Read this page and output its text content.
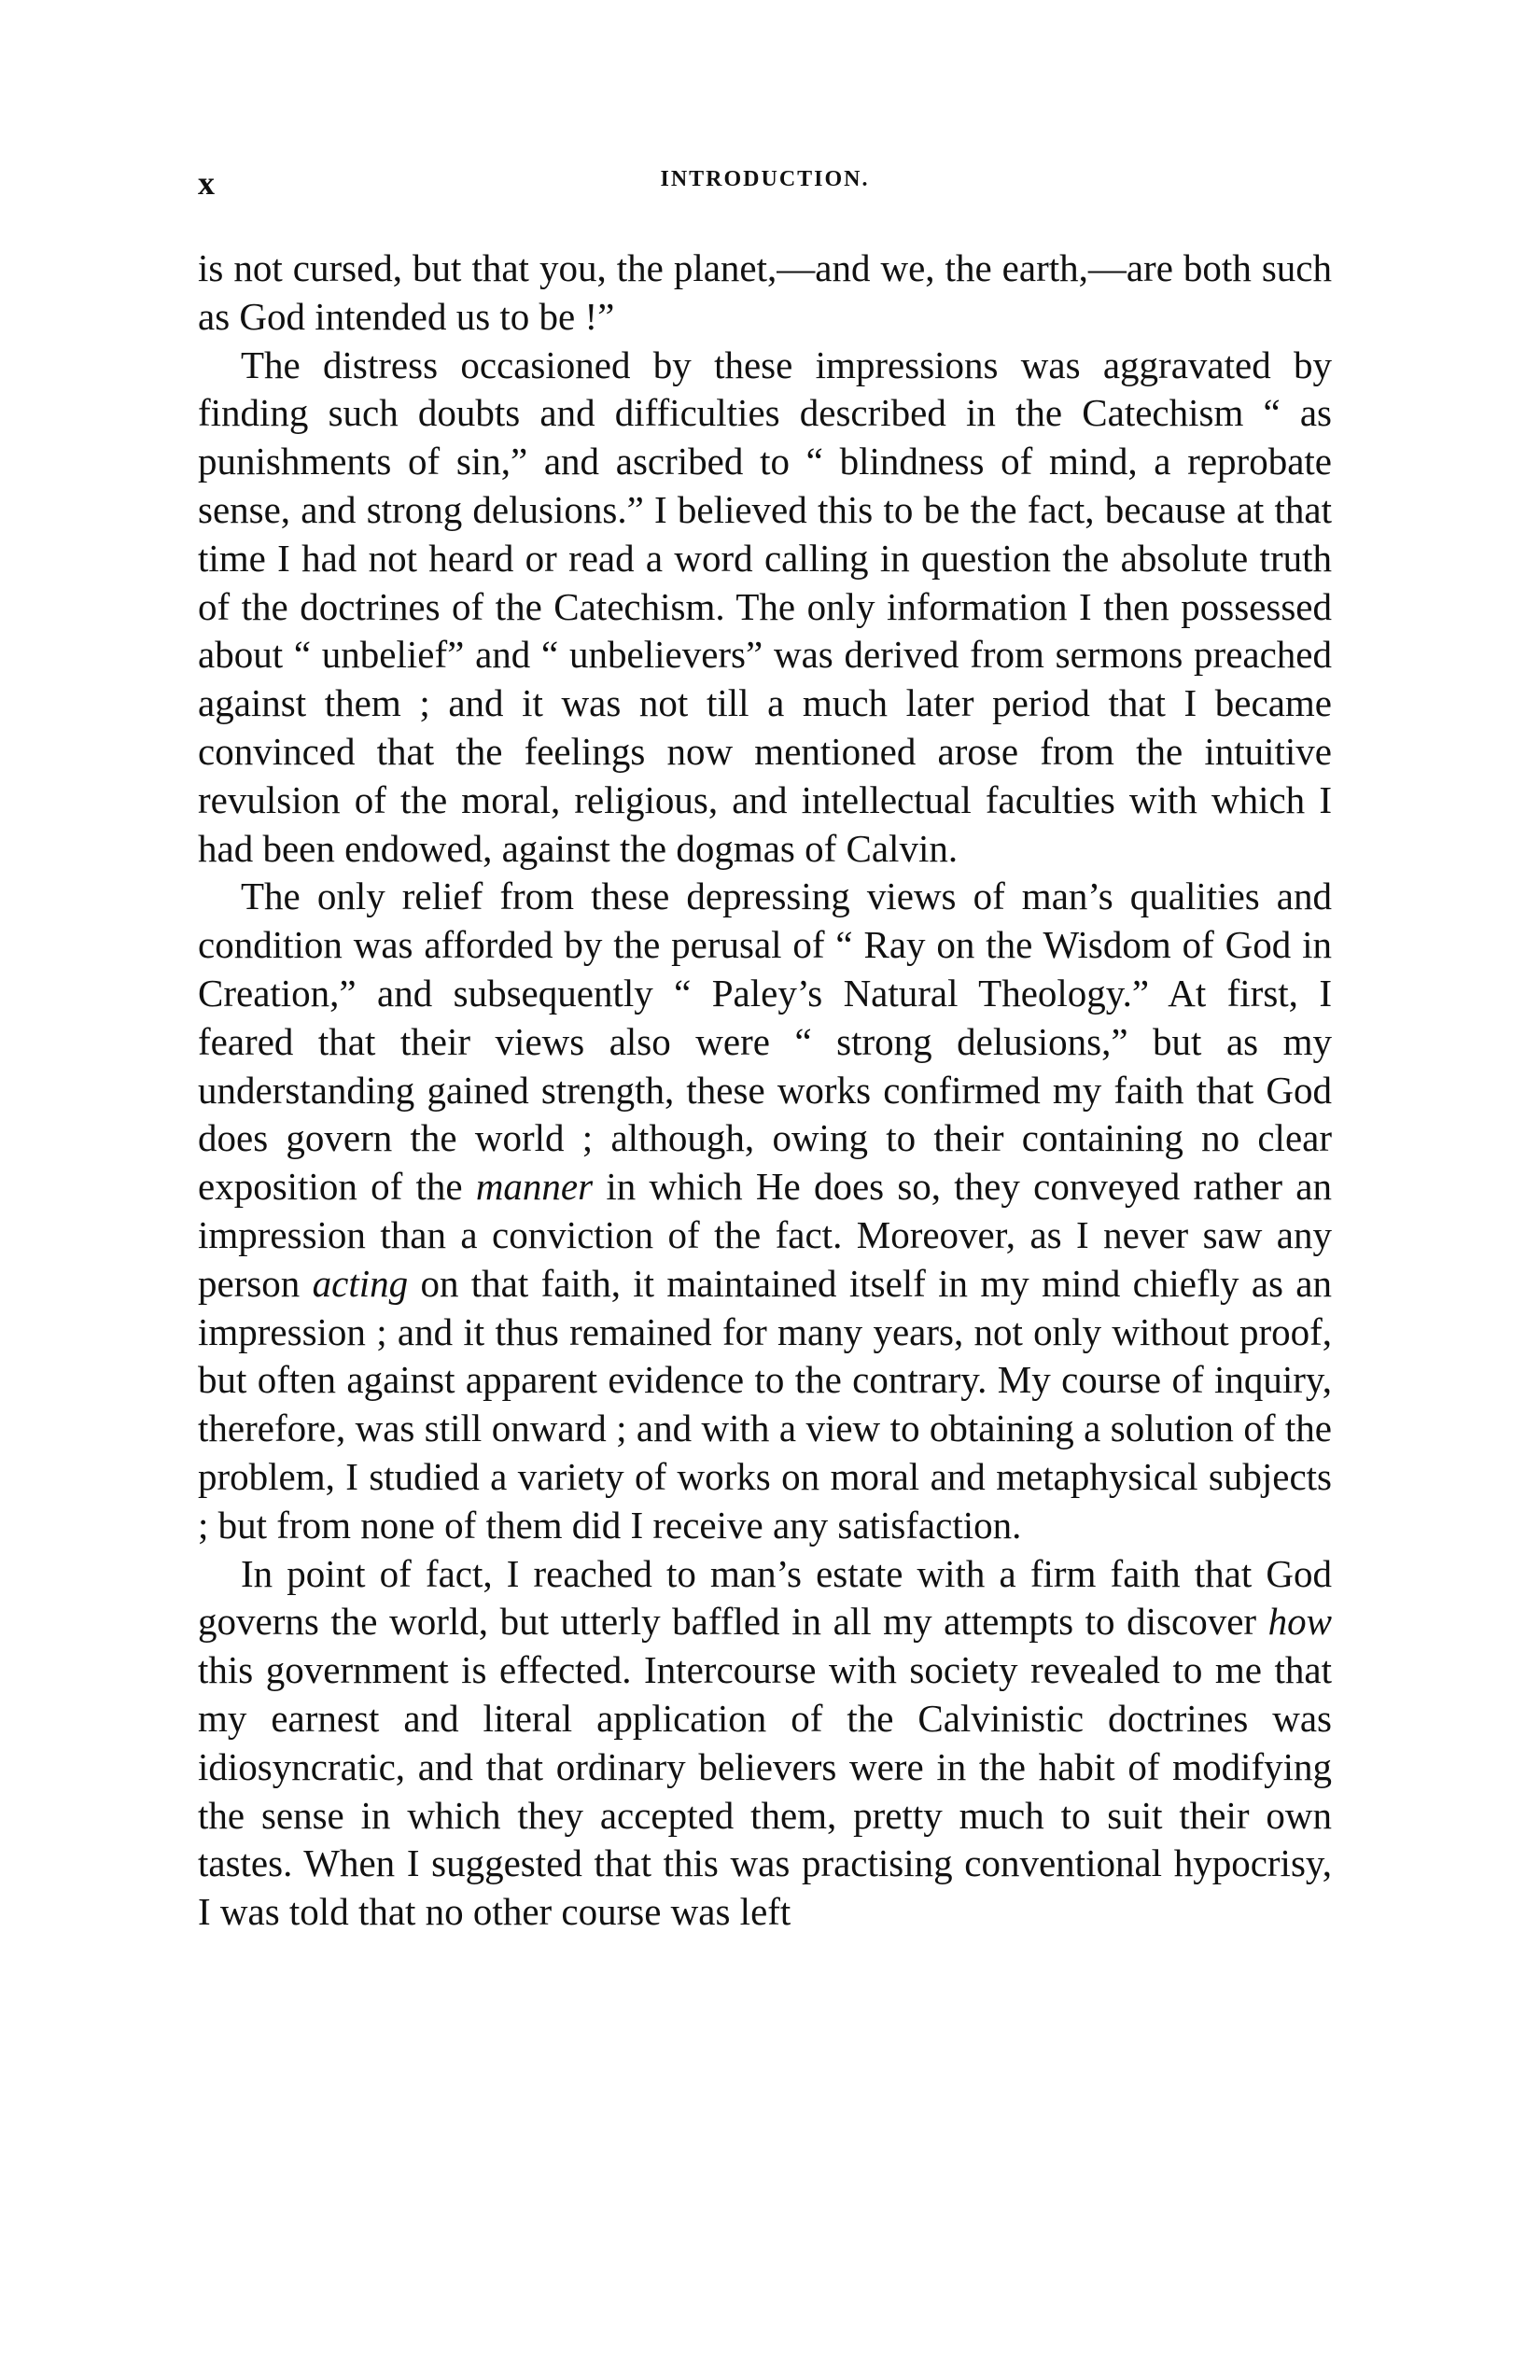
x	INTRODUCTION.

is not cursed, but that you, the planet,—and we, the earth,—are both such as God intended us to be !”

The distress occasioned by these impressions was aggravated by finding such doubts and difficulties described in the Catechism “ as punishments of sin,” and ascribed to “ blindness of mind, a reprobate sense, and strong delusions.” I believed this to be the fact, because at that time I had not heard or read a word calling in question the absolute truth of the doctrines of the Catechism. The only information I then possessed about “ unbelief” and “ unbelievers” was derived from sermons preached against them ; and it was not till a much later period that I became convinced that the feelings now mentioned arose from the intuitive revulsion of the moral, religious, and intellectual faculties with which I had been endowed, against the dogmas of Calvin.

The only relief from these depressing views of man’s qualities and condition was afforded by the perusal of “ Ray on the Wisdom of God in Creation,” and subsequently “ Paley’s Natural Theology.” At first, I feared that their views also were “ strong delusions,” but as my understanding gained strength, these works confirmed my faith that God does govern the world ; although, owing to their containing no clear exposition of the manner in which He does so, they conveyed rather an impression than a conviction of the fact. Moreover, as I never saw any person acting on that faith, it maintained itself in my mind chiefly as an impression ; and it thus remained for many years, not only without proof, but often against apparent evidence to the contrary. My course of inquiry, therefore, was still onward ; and with a view to obtaining a solution of the problem, I studied a variety of works on moral and metaphysical subjects ; but from none of them did I receive any satisfaction.

In point of fact, I reached to man’s estate with a firm faith that God governs the world, but utterly baffled in all my attempts to discover how this government is effected. Intercourse with society revealed to me that my earnest and literal application of the Calvinistic doctrines was idiosyncratic, and that ordinary believers were in the habit of modifying the sense in which they accepted them, pretty much to suit their own tastes. When I suggested that this was practising conventional hypocrisy, I was told that no other course was left
